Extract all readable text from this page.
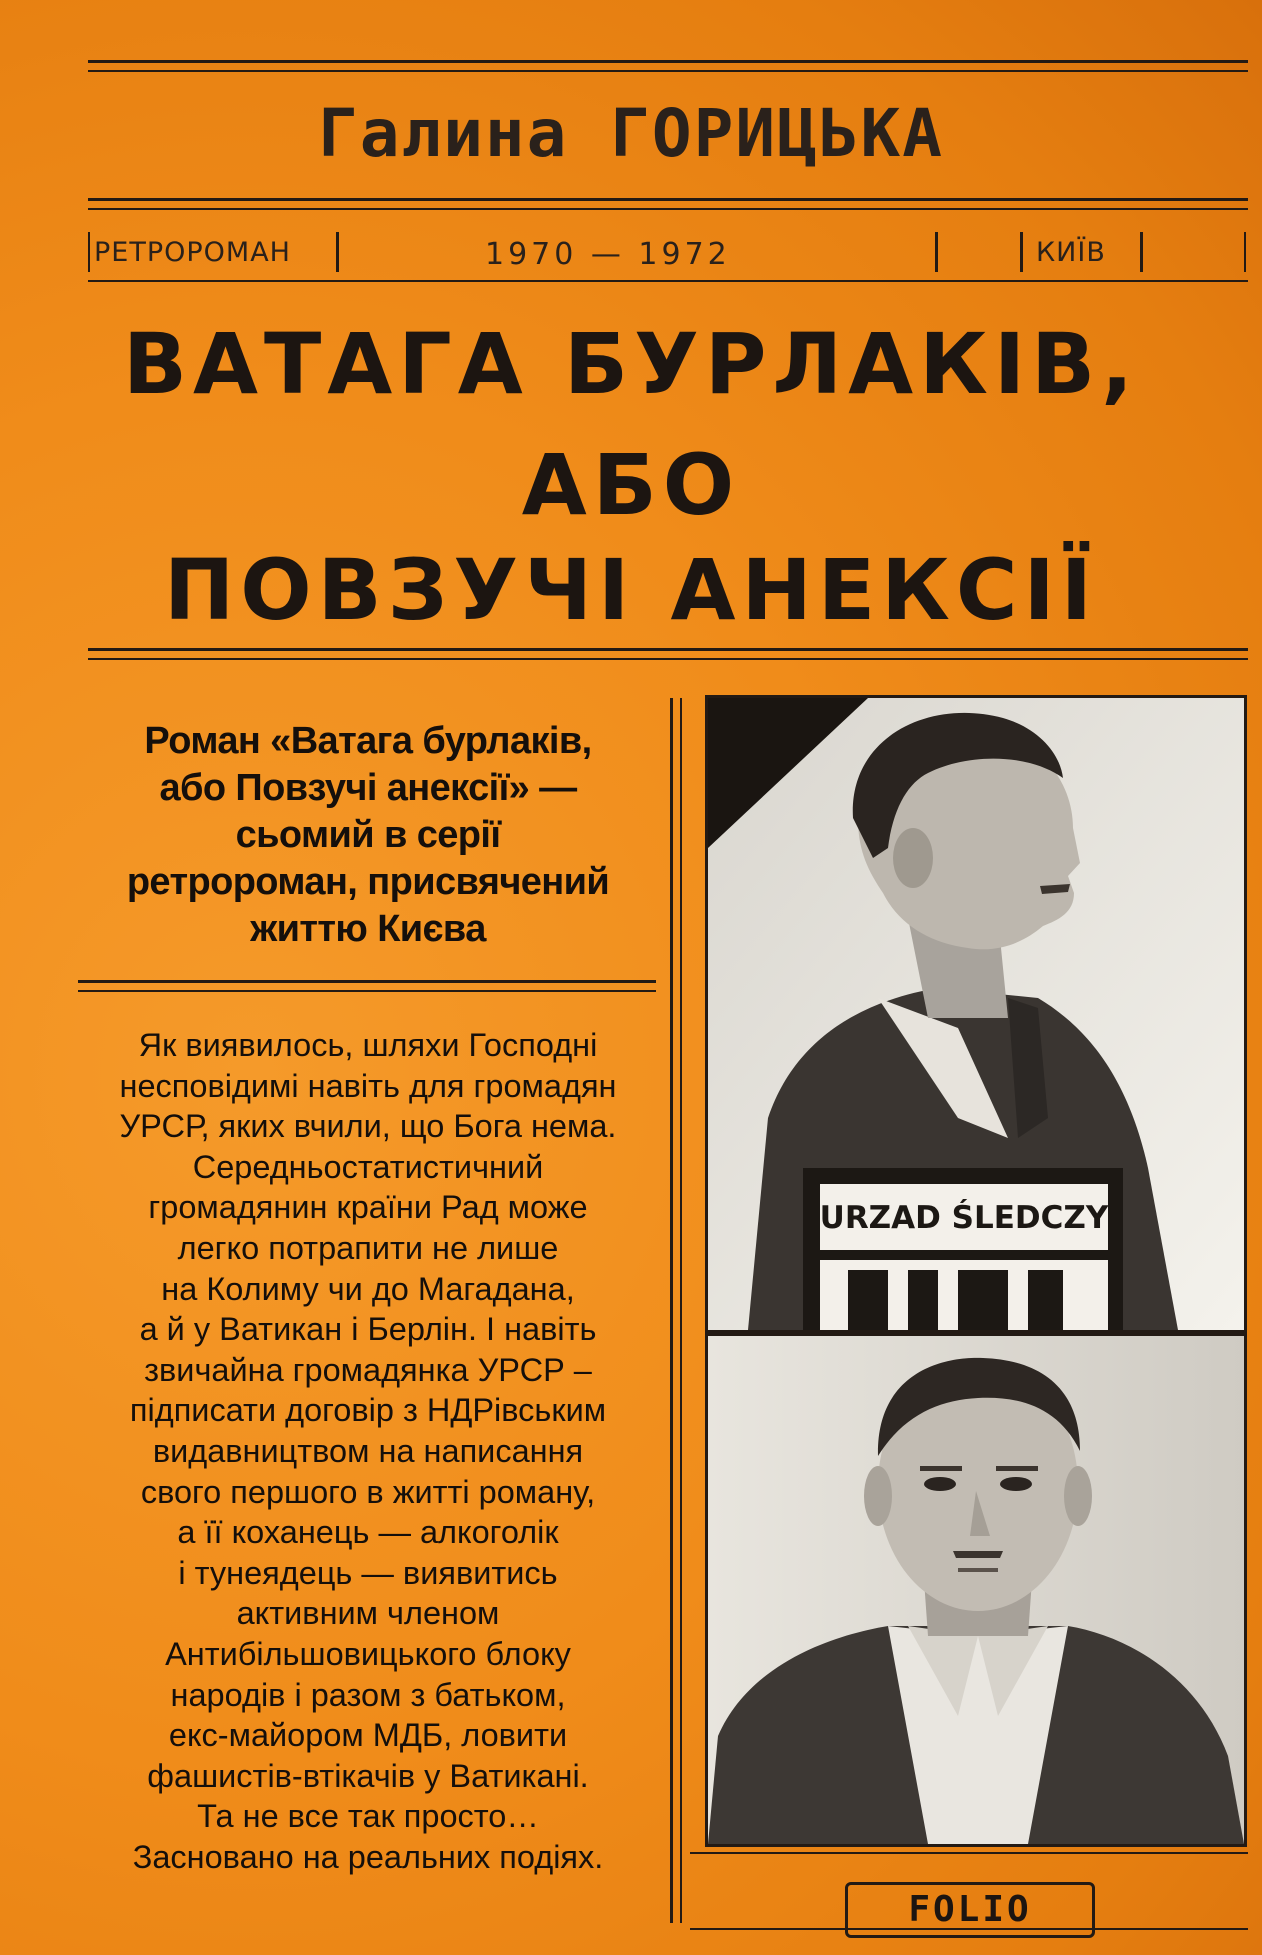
Галина ГОРИЦЬКА
РЕТРОРОМАН	1970 — 1972	КИЇВ
ВАТАГА БУРЛАКІВ,
АБО
ПОВЗУЧІ АНЕКСІЇ
Роман «Ватага бурлаків,
або Повзучі анексії» —
сьомий в серії
ретророман, присвячений
життю Києва
Як виявилось, шляхи Господні
несповідимі навіть для громадян
УРСР, яких вчили, що Бога нема.
Середньостатистичний
громадянин країни Рад може
легко потрапити не лише
на Колиму чи до Магадана,
а й у Ватикан і Берлін. І навіть
звичайна громадянка УРСР –
підписати договір з НДРівським
видавництвом на написання
свого першого в житті роману,
а її коханець — алкоголік
і тунеядець — виявитись
активним членом
Антибільшовицького блоку
народів і разом з батьком,
екс-майором МДБ, ловити
фашистів-втікачів у Ватикані.
Та не все так просто…
Засновано на реальних подіях.
URZAD ŚLEDCZY
FOLIO
